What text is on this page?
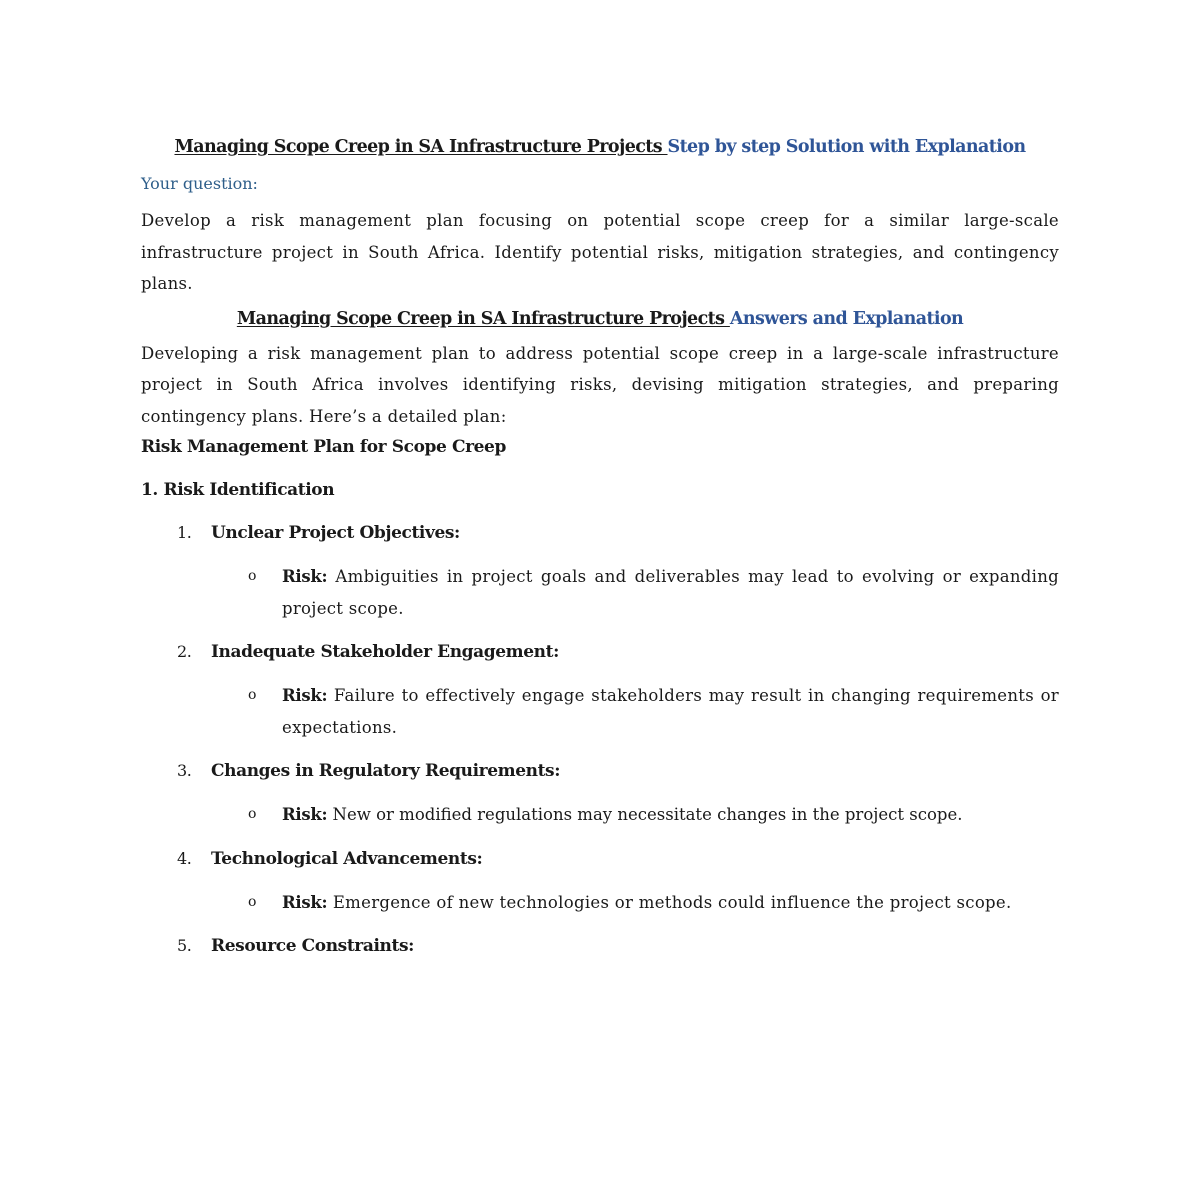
Managing Scope Creep in SA Infrastructure Projects Step by step Solution with Explanation
Your question:

Develop a risk management plan focusing on potential scope creep for a similar large-scale infrastructure project in South Africa. Identify potential risks, mitigation strategies, and contingency plans.

Managing Scope Creep in SA Infrastructure Projects Answers and Explanation

Developing a risk management plan to address potential scope creep in a large-scale infrastructure project in South Africa involves identifying risks, devising mitigation strategies, and preparing contingency plans. Here’s a detailed plan:

Risk Management Plan for Scope Creep
1. Risk Identification
1. Unclear Project Objectives:
o Risk: Ambiguities in project goals and deliverables may lead to evolving or expanding project scope.

2. Inadequate Stakeholder Engagement:
o Risk: Failure to effectively engage stakeholders may result in changing requirements or expectations.

3. Changes in Regulatory Requirements:
o Risk: New or modified regulations may necessitate changes in the project scope.

4. Technological Advancements:
o Risk: Emergence of new technologies or methods could influence the project scope.

5. Resource Constraints:
